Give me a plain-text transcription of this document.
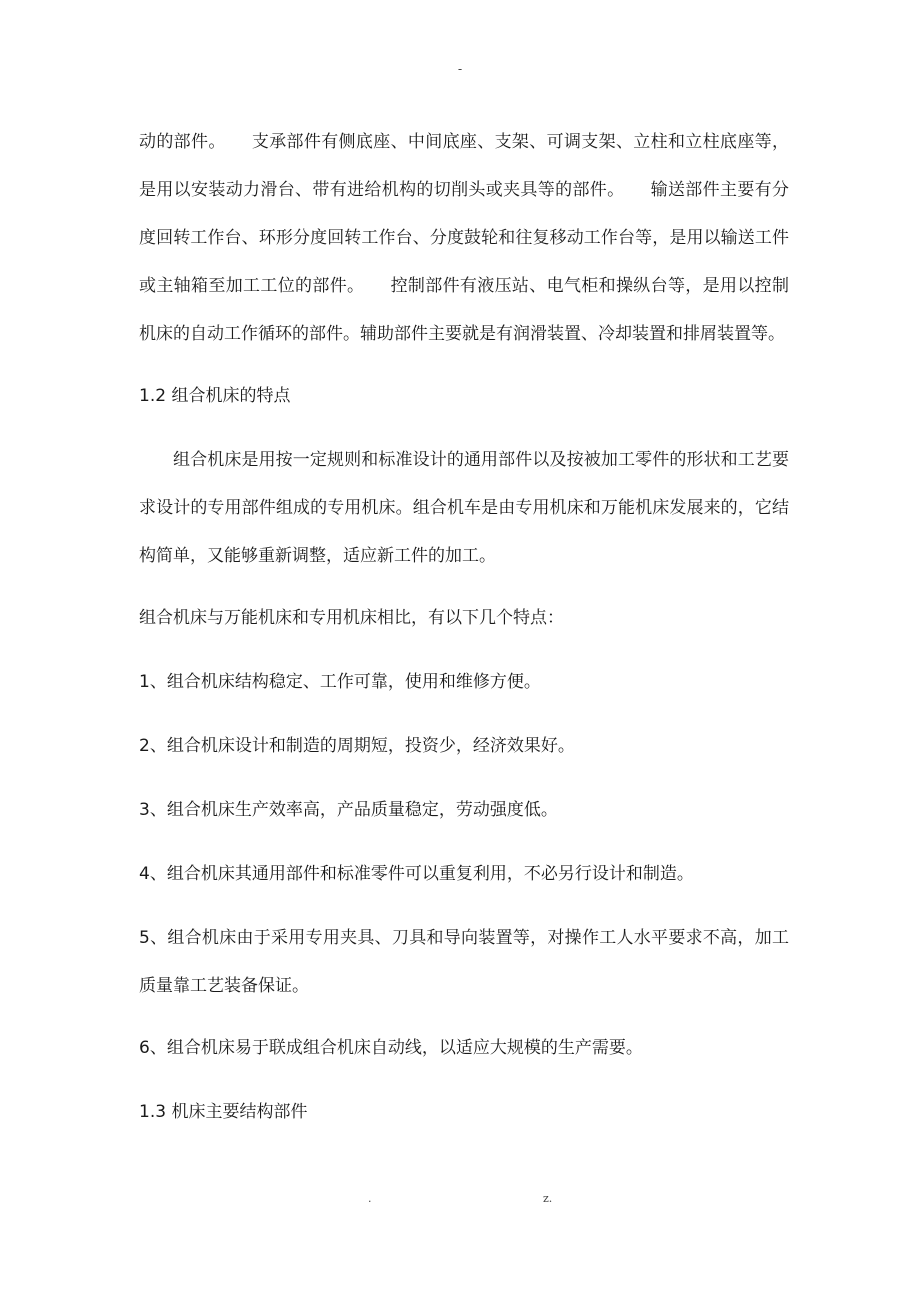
-

动的部件。　　支承部件有侧底座、中间底座、支架、可调支架、立柱和立柱底座等，是用以安装动力滑台、带有进给机构的切削头或夹具等的部件。　　输送部件主要有分度回转工作台、环形分度回转工作台、分度鼓轮和往复移动工作台等，是用以输送工件或主轴箱至加工工位的部件。　　控制部件有液压站、电气柜和操纵台等，是用以控制机床的自动工作循环的部件。辅助部件主要就是有润滑装置、冷却装置和排屑装置等。

1.2 组合机床的特点

组合机床是用按一定规则和标准设计的通用部件以及按被加工零件的形状和工艺要求设计的专用部件组成的专用机床。组合机车是由专用机床和万能机床发展来的，它结构简单，又能够重新调整，适应新工件的加工。

组合机床与万能机床和专用机床相比，有以下几个特点：

1、组合机床结构稳定、工作可靠，使用和维修方便。

2、组合机床设计和制造的周期短，投资少，经济效果好。

3、组合机床生产效率高，产品质量稳定，劳动强度低。

4、组合机床其通用部件和标准零件可以重复利用，不必另行设计和制造。

5、组合机床由于采用专用夹具、刀具和导向装置等，对操作工人水平要求不高，加工质量靠工艺装备保证。

6、组合机床易于联成组合机床自动线，以适应大规模的生产需要。

1.3 机床主要结构部件

.	z.
